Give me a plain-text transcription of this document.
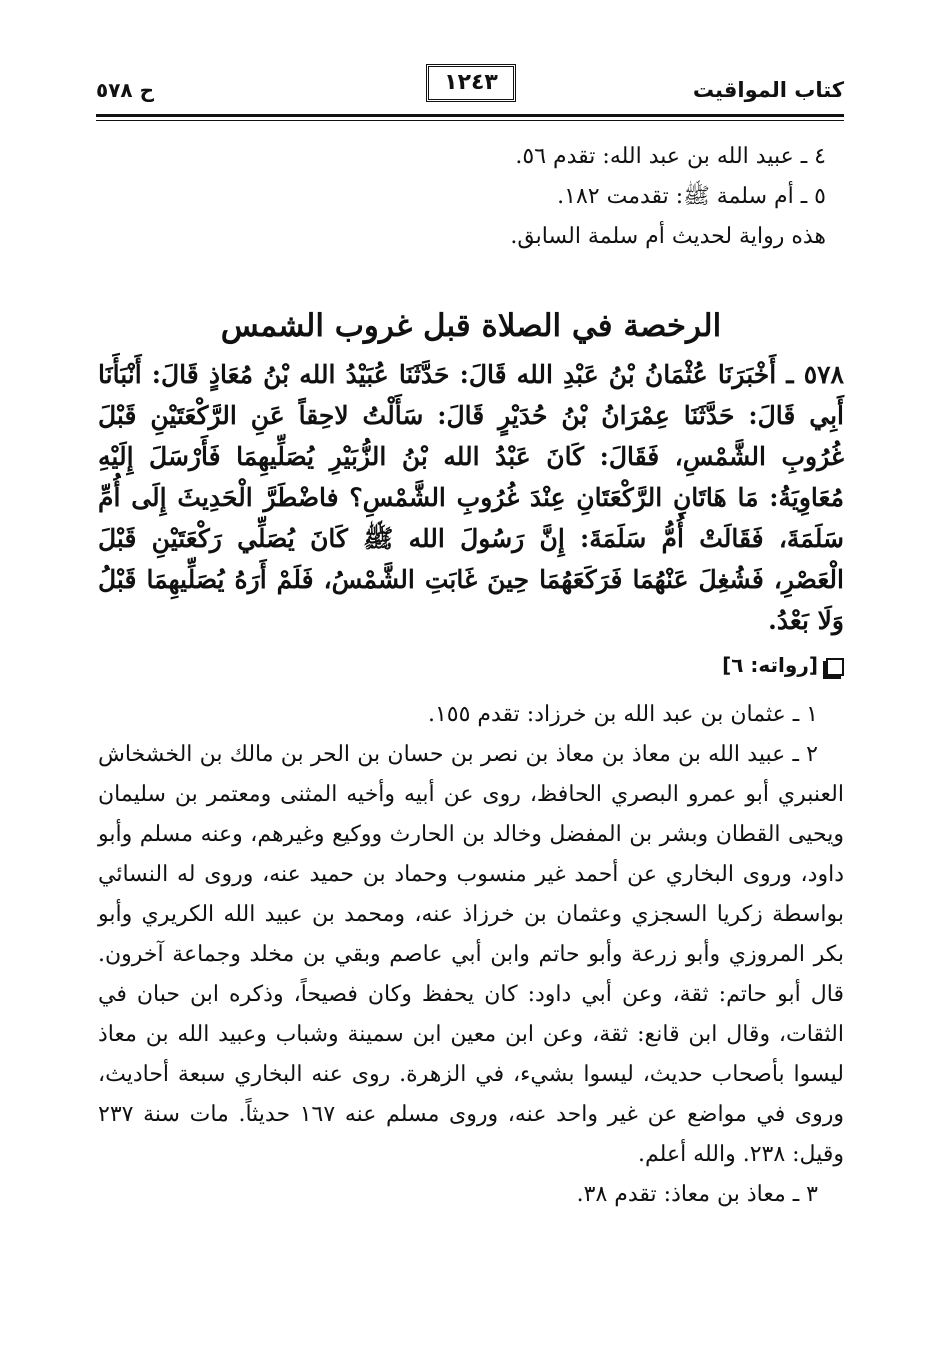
كتاب المواقيت
١٢٤٣
ح ٥٧٨

٤ ـ عبيد الله بن عبد الله: تقدم ٥٦.

٥ ـ أم سلمة ﷺ: تقدمت ١٨٢.

هذه رواية لحديث أم سلمة السابق.

الرخصة في الصلاة قبل غروب الشمس

٥٧٨ ـ أَخْبَرَنَا عُثْمَانُ بْنُ عَبْدِ الله قَالَ: حَدَّثَنَا عُبَيْدُ الله بْنُ مُعَاذٍ قَالَ: أَنْبَأَنَا أَبِي قَالَ: حَدَّثَنَا عِمْرَانُ بْنُ حُدَيْرٍ قَالَ: سَأَلْتُ لاحِقاً عَنِ الرَّكْعَتَيْنِ قَبْلَ غُرُوبِ الشَّمْسِ، فَقَالَ: كَانَ عَبْدُ الله بْنُ الزُّبَيْرِ يُصَلِّيهِمَا فَأَرْسَلَ إِلَيْهِ مُعَاوِيَةُ: مَا هَاتَانِ الرَّكْعَتَانِ عِنْدَ غُرُوبِ الشَّمْسِ؟ فاضْطَرَّ الْحَدِيثَ إِلَى أُمِّ سَلَمَةَ، فَقَالَتْ أُمُّ سَلَمَةَ: إِنَّ رَسُولَ الله ﷺ كَانَ يُصَلِّي رَكْعَتَيْنِ قَبْلَ الْعَصْرِ، فَشُغِلَ عَنْهُمَا فَرَكَعَهُمَا حِينَ غَابَتِ الشَّمْسُ، فَلَمْ أَرَهُ يُصَلِّيهِمَا قَبْلُ وَلَا بَعْدُ.

[رواته: ٦]

١ ـ عثمان بن عبد الله بن خرزاد: تقدم ١٥٥.

٢ ـ عبيد الله بن معاذ بن معاذ بن نصر بن حسان بن الحر بن مالك بن الخشخاش العنبري أبو عمرو البصري الحافظ، روى عن أبيه وأخيه المثنى ومعتمر بن سليمان ويحيى القطان وبشر بن المفضل وخالد بن الحارث ووكيع وغيرهم، وعنه مسلم وأبو داود، وروى البخاري عن أحمد غير منسوب وحماد بن حميد عنه، وروى له النسائي بواسطة زكريا السجزي وعثمان بن خرزاذ عنه، ومحمد بن عبيد الله الكريري وأبو بكر المروزي وأبو زرعة وأبو حاتم وابن أبي عاصم وبقي بن مخلد وجماعة آخرون. قال أبو حاتم: ثقة، وعن أبي داود: كان يحفظ وكان فصيحاً، وذكره ابن حبان في الثقات، وقال ابن قانع: ثقة، وعن ابن معين ابن سمينة وشباب وعبيد الله بن معاذ ليسوا بأصحاب حديث، ليسوا بشيء، في الزهرة. روى عنه البخاري سبعة أحاديث، وروى في مواضع عن غير واحد عنه، وروى مسلم عنه ١٦٧ حديثاً. مات سنة ٢٣٧ وقيل: ٢٣٨. والله أعلم.

٣ ـ معاذ بن معاذ: تقدم ٣٨.
